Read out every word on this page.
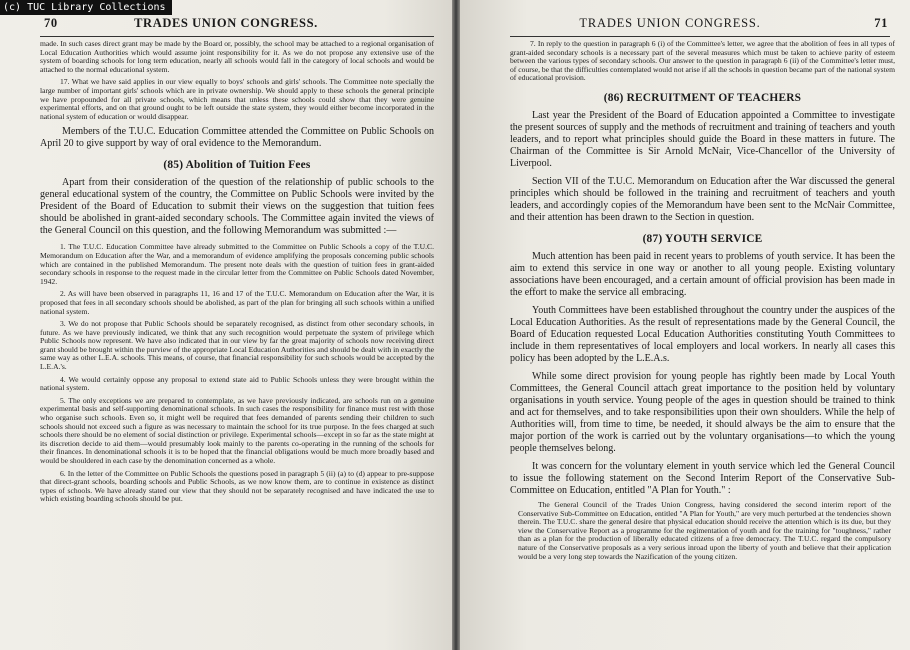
(c) TUC Library Collections
70	TRADES UNION CONGRESS.

made. In such cases direct grant may be made by the Board or, possibly, the school may be attached to a regional organisation of Local Education Authorities which would assume joint responsibility for it. As we do not propose any extensive use of the system of boarding schools for long term education, nearly all schools would fall in the category of local schools and would be attached to the normal educational system.

17. What we have said applies in our view equally to boys' schools and girls' schools. The Committee note specially the large number of important girls' schools which are in private ownership. We should apply to these schools the general principle we have propounded for all private schools, which means that unless these schools could show that they were genuine experimental efforts, and on that ground ought to be left outside the state system, they would either become incorporated in the national system of education or would disappear.

Members of the T.U.C. Education Committee attended the Committee on Public Schools on April 20 to give support by way of oral evidence to the Memorandum.

(85) Abolition of Tuition Fees

Apart from their consideration of the question of the relationship of public schools to the general educational system of the country, the Committee on Public Schools were invited by the President of the Board of Education to submit their views on the suggestion that tuition fees should be abolished in grant-aided secondary schools. The Committee again invited the views of the General Council on this question, and the following Memorandum was submitted :—

1. The T.U.C. Education Committee have already submitted to the Committee on Public Schools a copy of the T.U.C. Memorandum on Education after the War, and a memorandum of evidence amplifying the proposals concerning public schools which are contained in the published Memorandum. The present note deals with the question of tuition fees in grant-aided secondary schools in response to the request made in the circular letter from the Committee on Public Schools dated November, 1942.

2. As will have been observed in paragraphs 11, 16 and 17 of the T.U.C. Memorandum on Education after the War, it is proposed that fees in all secondary schools should be abolished, as part of the plan for bringing all such schools within a unified national system.

3. We do not propose that Public Schools should be separately recognised, as distinct from other secondary schools, in future. As we have previously indicated, we think that any such recognition would perpetuate the system of privilege which Public Schools now represent. We have also indicated that in our view by far the great majority of schools now receiving direct grant should be brought within the purview of the appropriate Local Education Authorities and should be dealt with in exactly the same way as other L.E.A. schools. This means, of course, that financial responsibility for such schools would be accepted by the L.E.A.'s.

4. We would certainly oppose any proposal to extend state aid to Public Schools unless they were brought within the national system.

5. The only exceptions we are prepared to contemplate, as we have previously indicated, are schools run on a genuine experimental basis and self-supporting denominational schools. In such cases the responsibility for finance must rest with those who organise such schools. Even so, it might well be required that fees demanded of parents sending their children to such schools should not exceed such a figure as was necessary to maintain the school for its true purpose. In the fees charged at such schools there should be no element of social distinction or privilege. Experimental schools—except in so far as the state might at its discretion decide to aid them—would presumably look mainly to the parents co-operating in the running of the schools for their finances. In denominational schools it is to be hoped that the financial obligations would be much more broadly based and would be shouldered in each case by the denomination concerned as a whole.

6. In the letter of the Committee on Public Schools the questions posed in paragraph 5 (ii) (a) to (d) appear to pre-suppose that direct-grant schools, boarding schools and Public Schools, as we now know them, are to continue in existence as distinct types of schools. We have already stated our view that they should not be separately recognised and have indicated the use to which existing boarding schools should be put.

TRADES UNION CONGRESS.	71

7. In reply to the question in paragraph 6 (i) of the Committee's letter, we agree that the abolition of fees in all types of grant-aided secondary schools is a necessary part of the several measures which must be taken to achieve parity of esteem between the various types of secondary schools. Our answer to the question in paragraph 6 (ii) of the Committee's letter must, of course, be that the difficulties contemplated would not arise if all the schools in question became part of the national system of educational provision.

(86) RECRUITMENT OF TEACHERS

Last year the President of the Board of Education appointed a Committee to investigate the present sources of supply and the methods of recruitment and training of teachers and youth leaders, and to report what principles should guide the Board in these matters in future. The Chairman of the Committee is Sir Arnold McNair, Vice-Chancellor of the University of Liverpool.

Section VII of the T.U.C. Memorandum on Education after the War discussed the general principles which should be followed in the training and recruitment of teachers and youth leaders, and accordingly copies of the Memorandum have been sent to the McNair Committee, and their attention has been drawn to the Section in question.

(87) YOUTH SERVICE

Much attention has been paid in recent years to problems of youth service. It has been the aim to extend this service in one way or another to all young people. Existing voluntary associations have been encouraged, and a certain amount of official provision has been made in the effort to make the service all embracing.

Youth Committees have been established throughout the country under the auspices of the Local Education Authorities. As the result of representations made by the General Council, the Board of Education requested Local Education Authorities constituting Youth Committees to include in them representatives of local employers and local workers. In nearly all cases this policy has been adopted by the L.E.A.s.

While some direct provision for young people has rightly been made by Local Youth Committees, the General Council attach great importance to the position held by voluntary organisations in youth service. Young people of the ages in question should be trained to think and act for themselves, and to take responsibilities upon their own shoulders. While the help of Authorities will, from time to time, be needed, it should always be the aim to ensure that the major portion of the work is carried out by the voluntary organisations—to which the young people themselves belong.

It was concern for the voluntary element in youth service which led the General Council to issue the following statement on the Second Interim Report of the Conservative Sub-Committee on Education, entitled "A Plan for Youth." :

The General Council of the Trades Union Congress, having considered the second interim report of the Conservative Sub-Committee on Education, entitled "A Plan for Youth," are very much perturbed at the tendencies shown therein. The T.U.C. share the general desire that physical education should receive the attention which is its due, but they view the Conservative Report as a programme for the regimentation of youth and for the training for "toughness," rather than as a plan for the production of liberally educated citizens of a free democracy. The T.U.C. regard the compulsory nature of the Conservative proposals as a very serious inroad upon the liberty of youth and believe that their application would be a very long step towards the Nazification of the young citizen.
